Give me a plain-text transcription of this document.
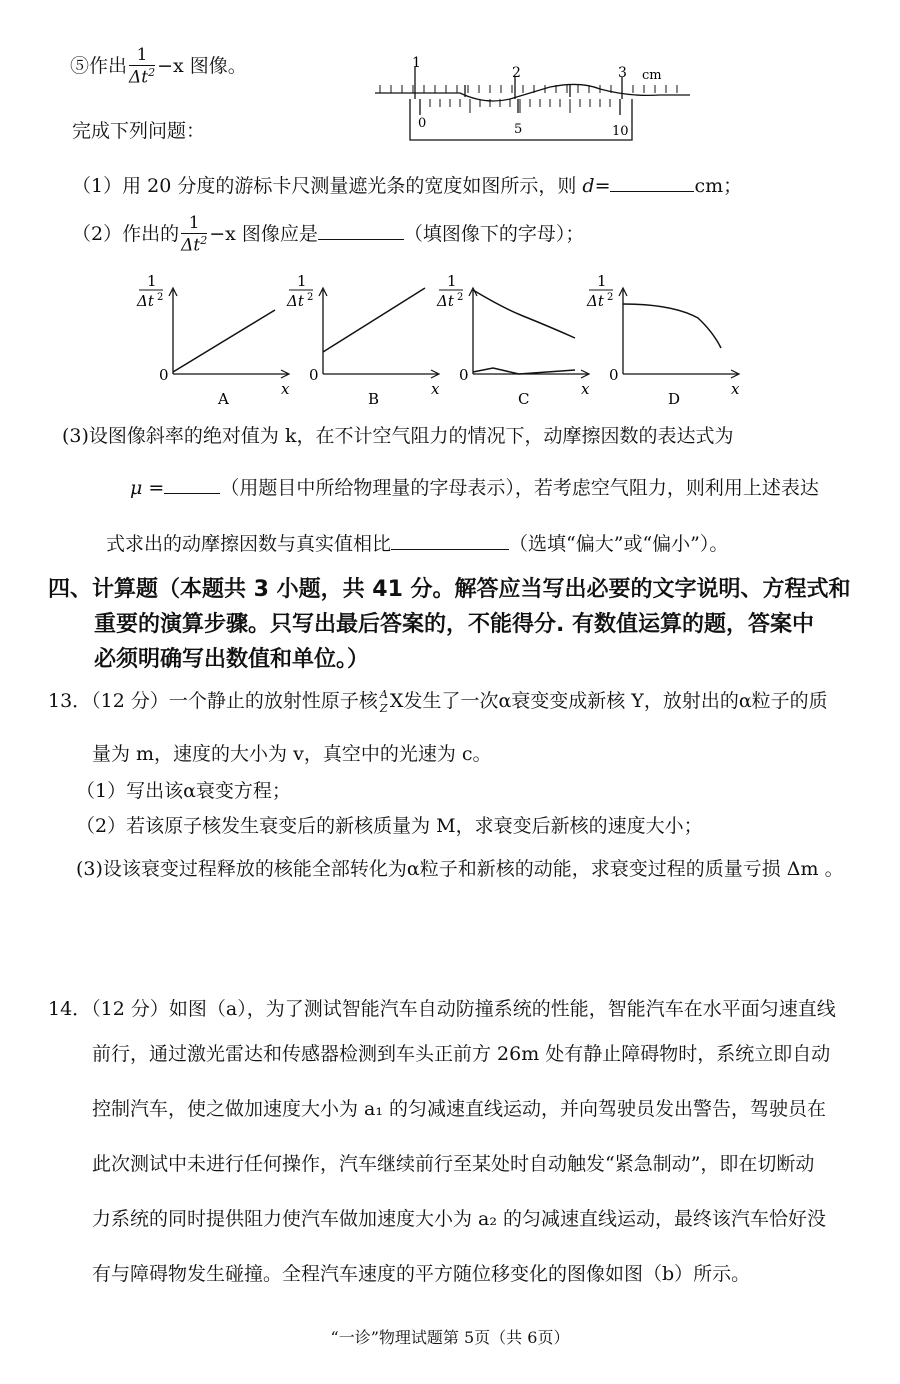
⑤作出 $\frac{1}{\Delta t^2} -x$ 图像。
完成下列问题：
1
2	3 cm
0	5	10
（1）用 20 分度的游标卡尺测量遮光条的宽度如图所示，则 d=	cm；
（2）作出的 $\frac{1}{\Delta t^2} -x$ 图像应是	（填图像下的字母）；
1
Δt 2
0
x
A
1
Δt 2
0
x
B
1
Δt 2
0
x
C
1
Δt 2
0
x
D
(3)设图像斜率的绝对值为 k，在不计空气阻力的情况下，动摩擦因数的表达式为
μ =	（用题目中所给物理量的字母表示），若考虑空气阻力，则利用上述表达
式求出的动摩擦因数与真实值相比	（选填“偏大”或“偏小”）。
四、计算题（本题共 3 小题，共 41 分。解答应当写出必要的文字说明、方程式和
重要的演算步骤。只写出最后答案的，不能得分. 有数值运算的题，答案中
必须明确写出数值和单位。）
13．（12 分）一个静止的放射性原子核 A
Z X发生了一次α衰变变成新核 Y，放射出的α粒子的质
量为 m，速度的大小为 v，真空中的光速为 c。
（1）写出该α衰变方程；
（2）若该原子核发生衰变后的新核质量为 M，求衰变后新核的速度大小；
(3)设该衰变过程释放的核能全部转化为α粒子和新核的动能，求衰变过程的质量亏损 Δm 。
14．（12 分）如图（a），为了测试智能汽车自动防撞系统的性能，智能汽车在水平面匀速直线
前行，通过激光雷达和传感器检测到车头正前方 26m 处有静止障碍物时，系统立即自动
控制汽车，使之做加速度大小为 a₁ 的匀减速直线运动，并向驾驶员发出警告，驾驶员在
此次测试中未进行任何操作，汽车继续前行至某处时自动触发“紧急制动”，即在切断动
力系统的同时提供阻力使汽车做加速度大小为 a₂ 的匀减速直线运动，最终该汽车恰好没
有与障碍物发生碰撞。全程汽车速度的平方随位移变化的图像如图（b）所示。
“一诊”物理试题第 5页（共 6页）
